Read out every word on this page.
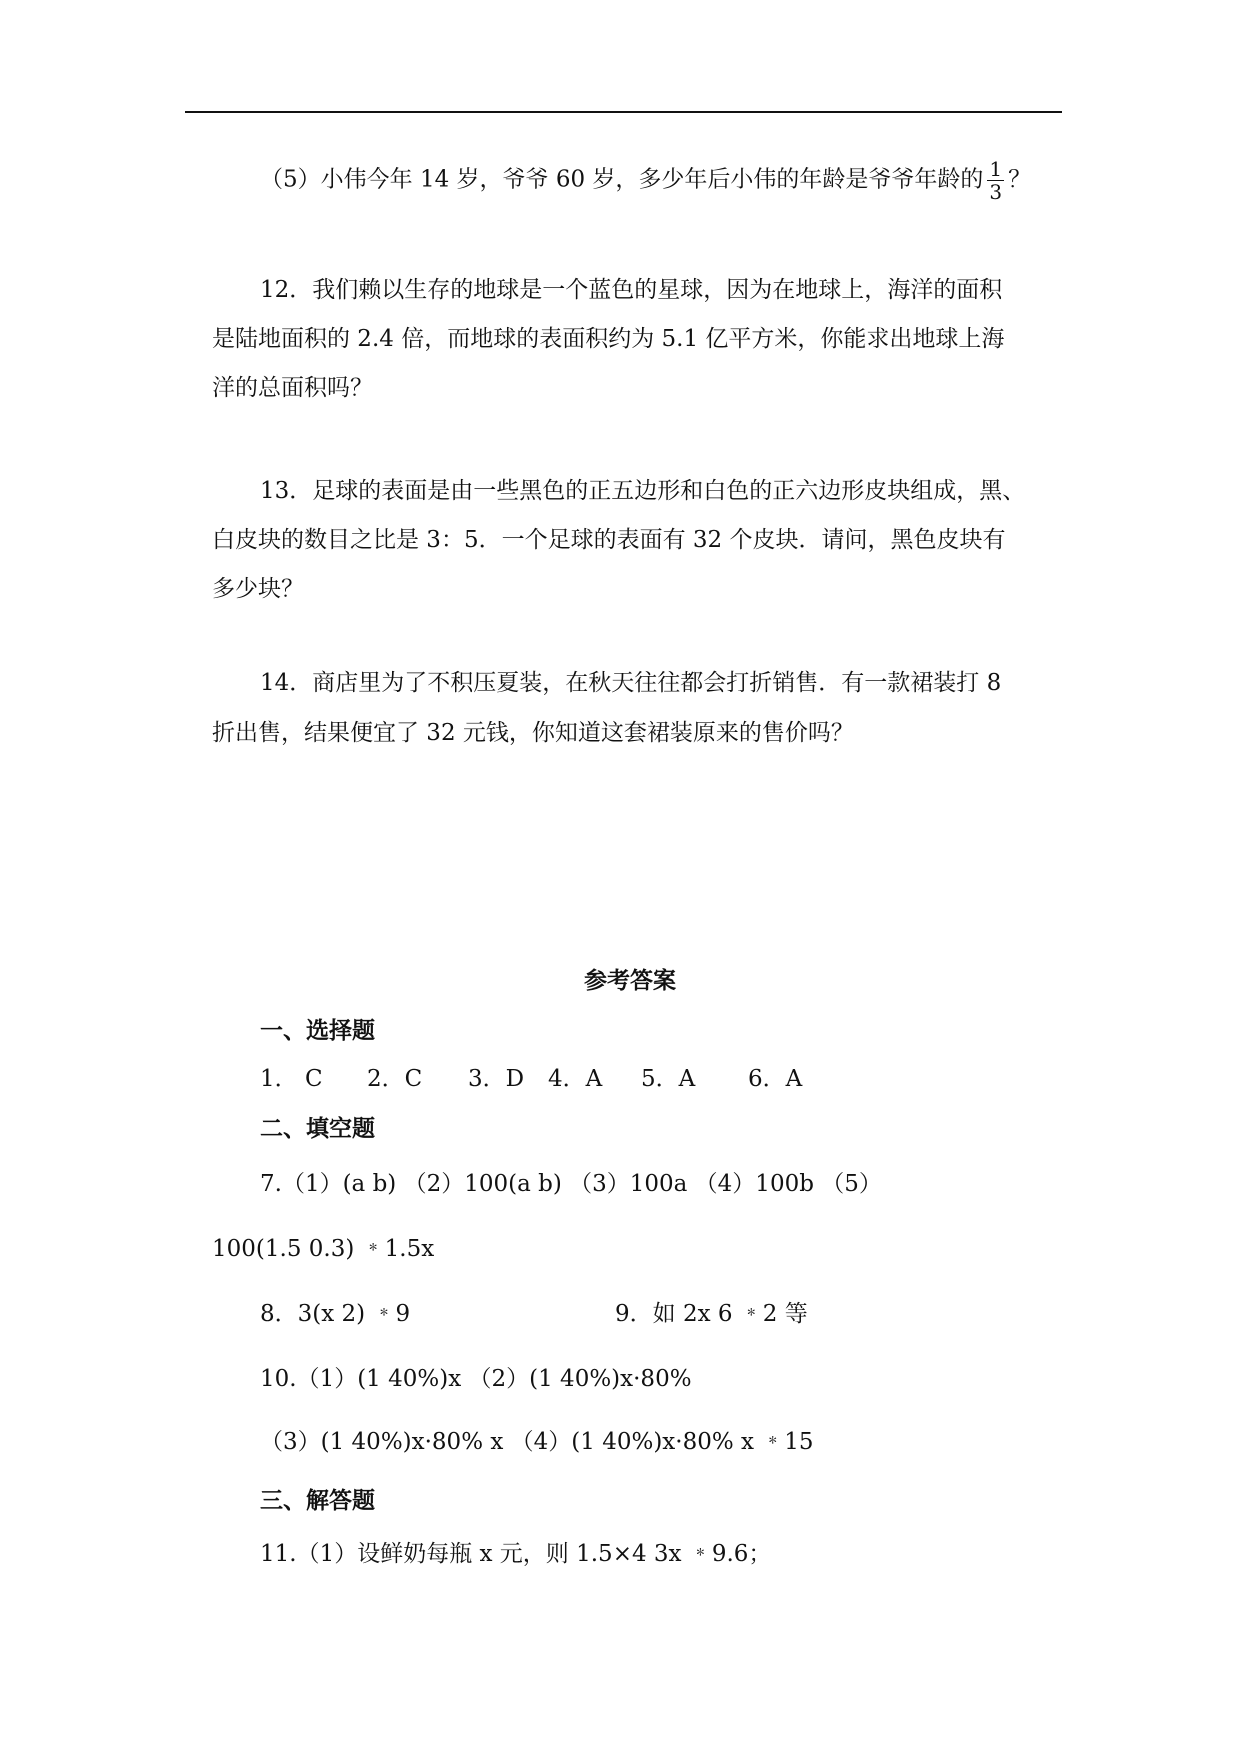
（5）小伟今年 14 岁，爷爷 60 岁，多少年后小伟的年龄是爷爷年龄的 $\frac{1}{3}$ ？
12．我们赖以生存的地球是一个蓝色的星球，因为在地球上，海洋的面积
是陆地面积的 2.4 倍，而地球的表面积约为 5.1 亿平方米，你能求出地球上海
洋的总面积吗？
13．足球的表面是由一些黑色的正五边形和白色的正六边形皮块组成，黑、
白皮块的数目之比是 3：5．一个足球的表面有 32 个皮块．请问，黑色皮块有
多少块？
14．商店里为了不积压夏装，在秋天往往都会打折销售．有一款裙装打 8
折出售，结果便宜了 32 元钱，你知道这套裙装原来的售价吗？
参考答案
一、选择题
1． C 2．C 3．D 4．A 5．A 6．A
二、填空题
7.（1）(a b) （2）100(a b) （3）100a （4）100b （5）
100(1.5 0.3) ﹡1.5x
8．3(x 2) ﹡9	9．如 2x 6 ﹡2 等
10.（1）(1 40%)x （2）(1 40%)x·80%
（3）(1 40%)x·80% x （4）(1 40%)x·80% x ﹡15
三、解答题
11.（1）设鲜奶每瓶 x 元，则 1.5×4 3x ﹡9.6；
